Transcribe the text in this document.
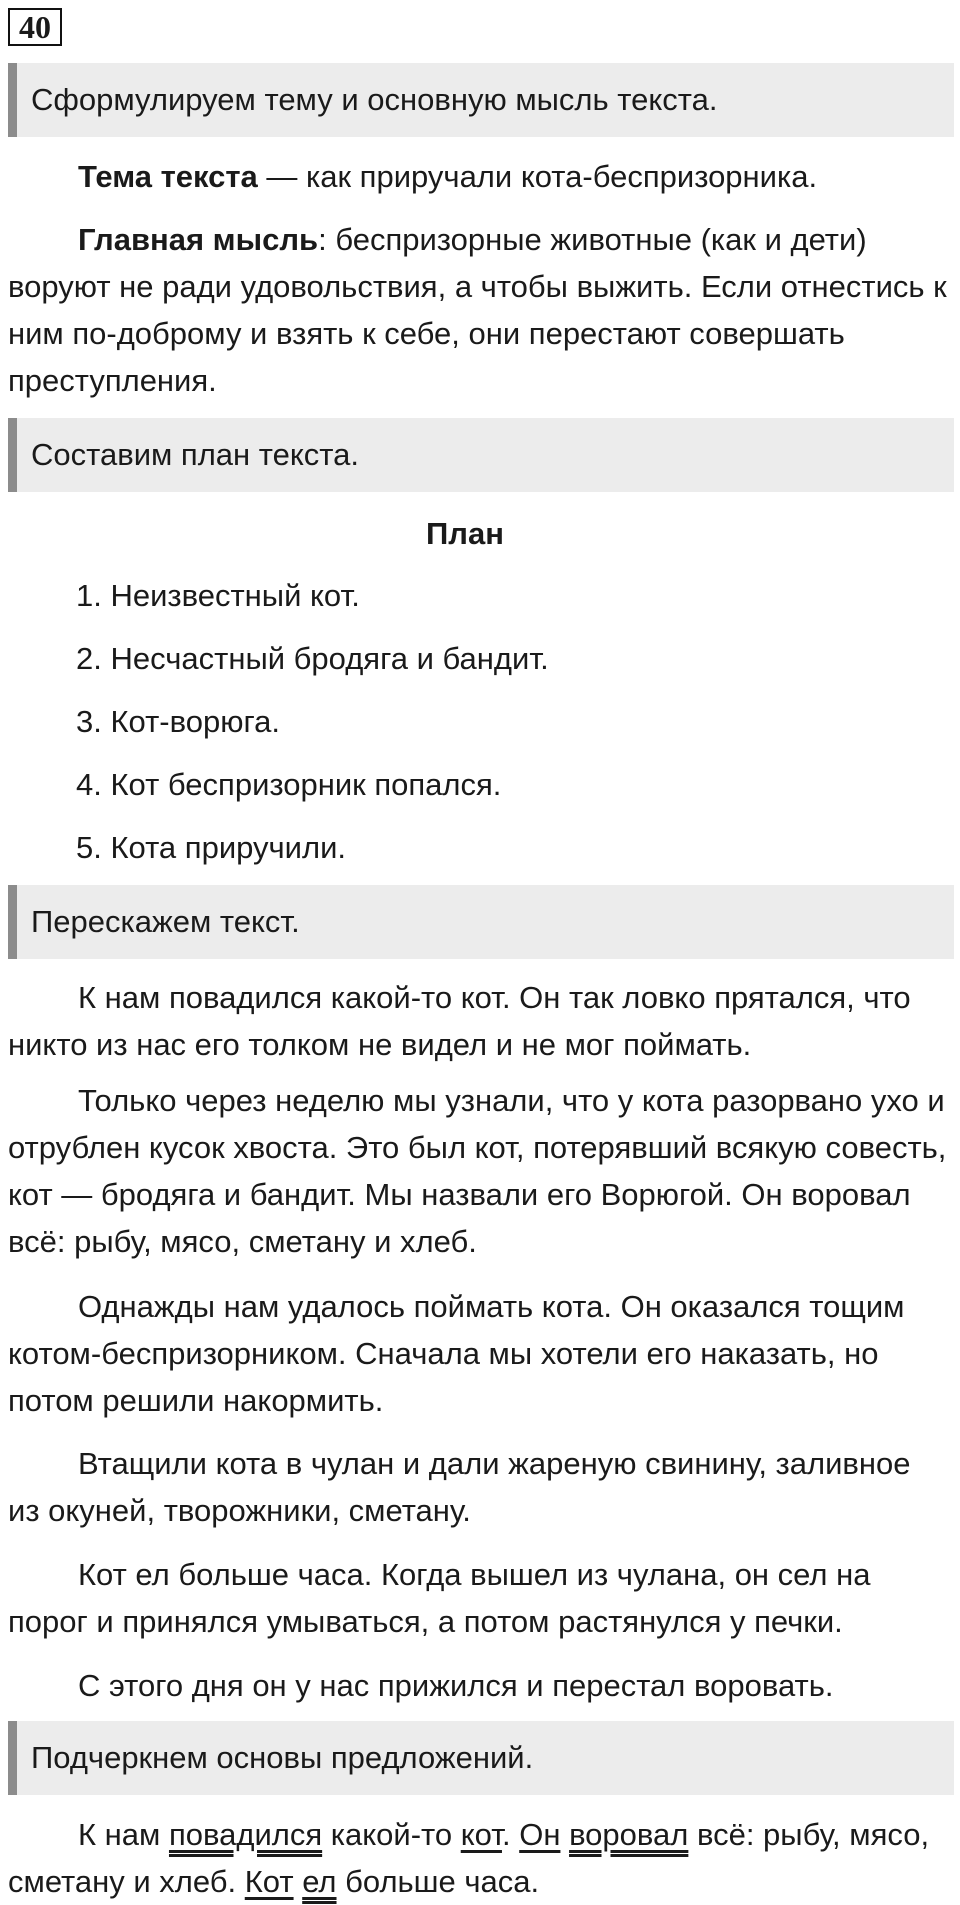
40
Сформулируем тему и основную мысль текста.

Тема текста — как приручали кота-беспризорника.

Главная мысль: беспризорные животные (как и дети) воруют не ради удовольствия, а чтобы выжить. Если отнестись к ним по-доброму и взять к себе, они перестают совершать преступления.

Составим план текста.
План
1. Неизвестный кот.
2. Несчастный бродяга и бандит.
3. Кот-ворюга.
4. Кот беспризорник попался.
5. Кота приручили.
Перескажем текст.

К нам повадился какой-то кот. Он так ловко прятался, что никто из нас его толком не видел и не мог поймать.

Только через неделю мы узнали, что у кота разорвано ухо и отрублен кусок хвоста. Это был кот, потерявший всякую совесть, кот — бродяга и бандит. Мы назвали его Ворюгой. Он воровал всё: рыбу, мясо, сметану и хлеб.

Однажды нам удалось поймать кота. Он оказался тощим котом-беспризорником. Сначала мы хотели его наказать, но потом решили накормить.

Втащили кота в чулан и дали жареную свинину, заливное из окуней, творожники, сметану.

Кот ел больше часа. Когда вышел из чулана, он сел на порог и принялся умываться, а потом растянулся у печки.

С этого дня он у нас прижился и перестал воровать.

Подчеркнем основы предложений.

К нам повадился какой-то кот. Он воровал всё: рыбу, мясо, сметану и хлеб. Кот ел больше часа.
